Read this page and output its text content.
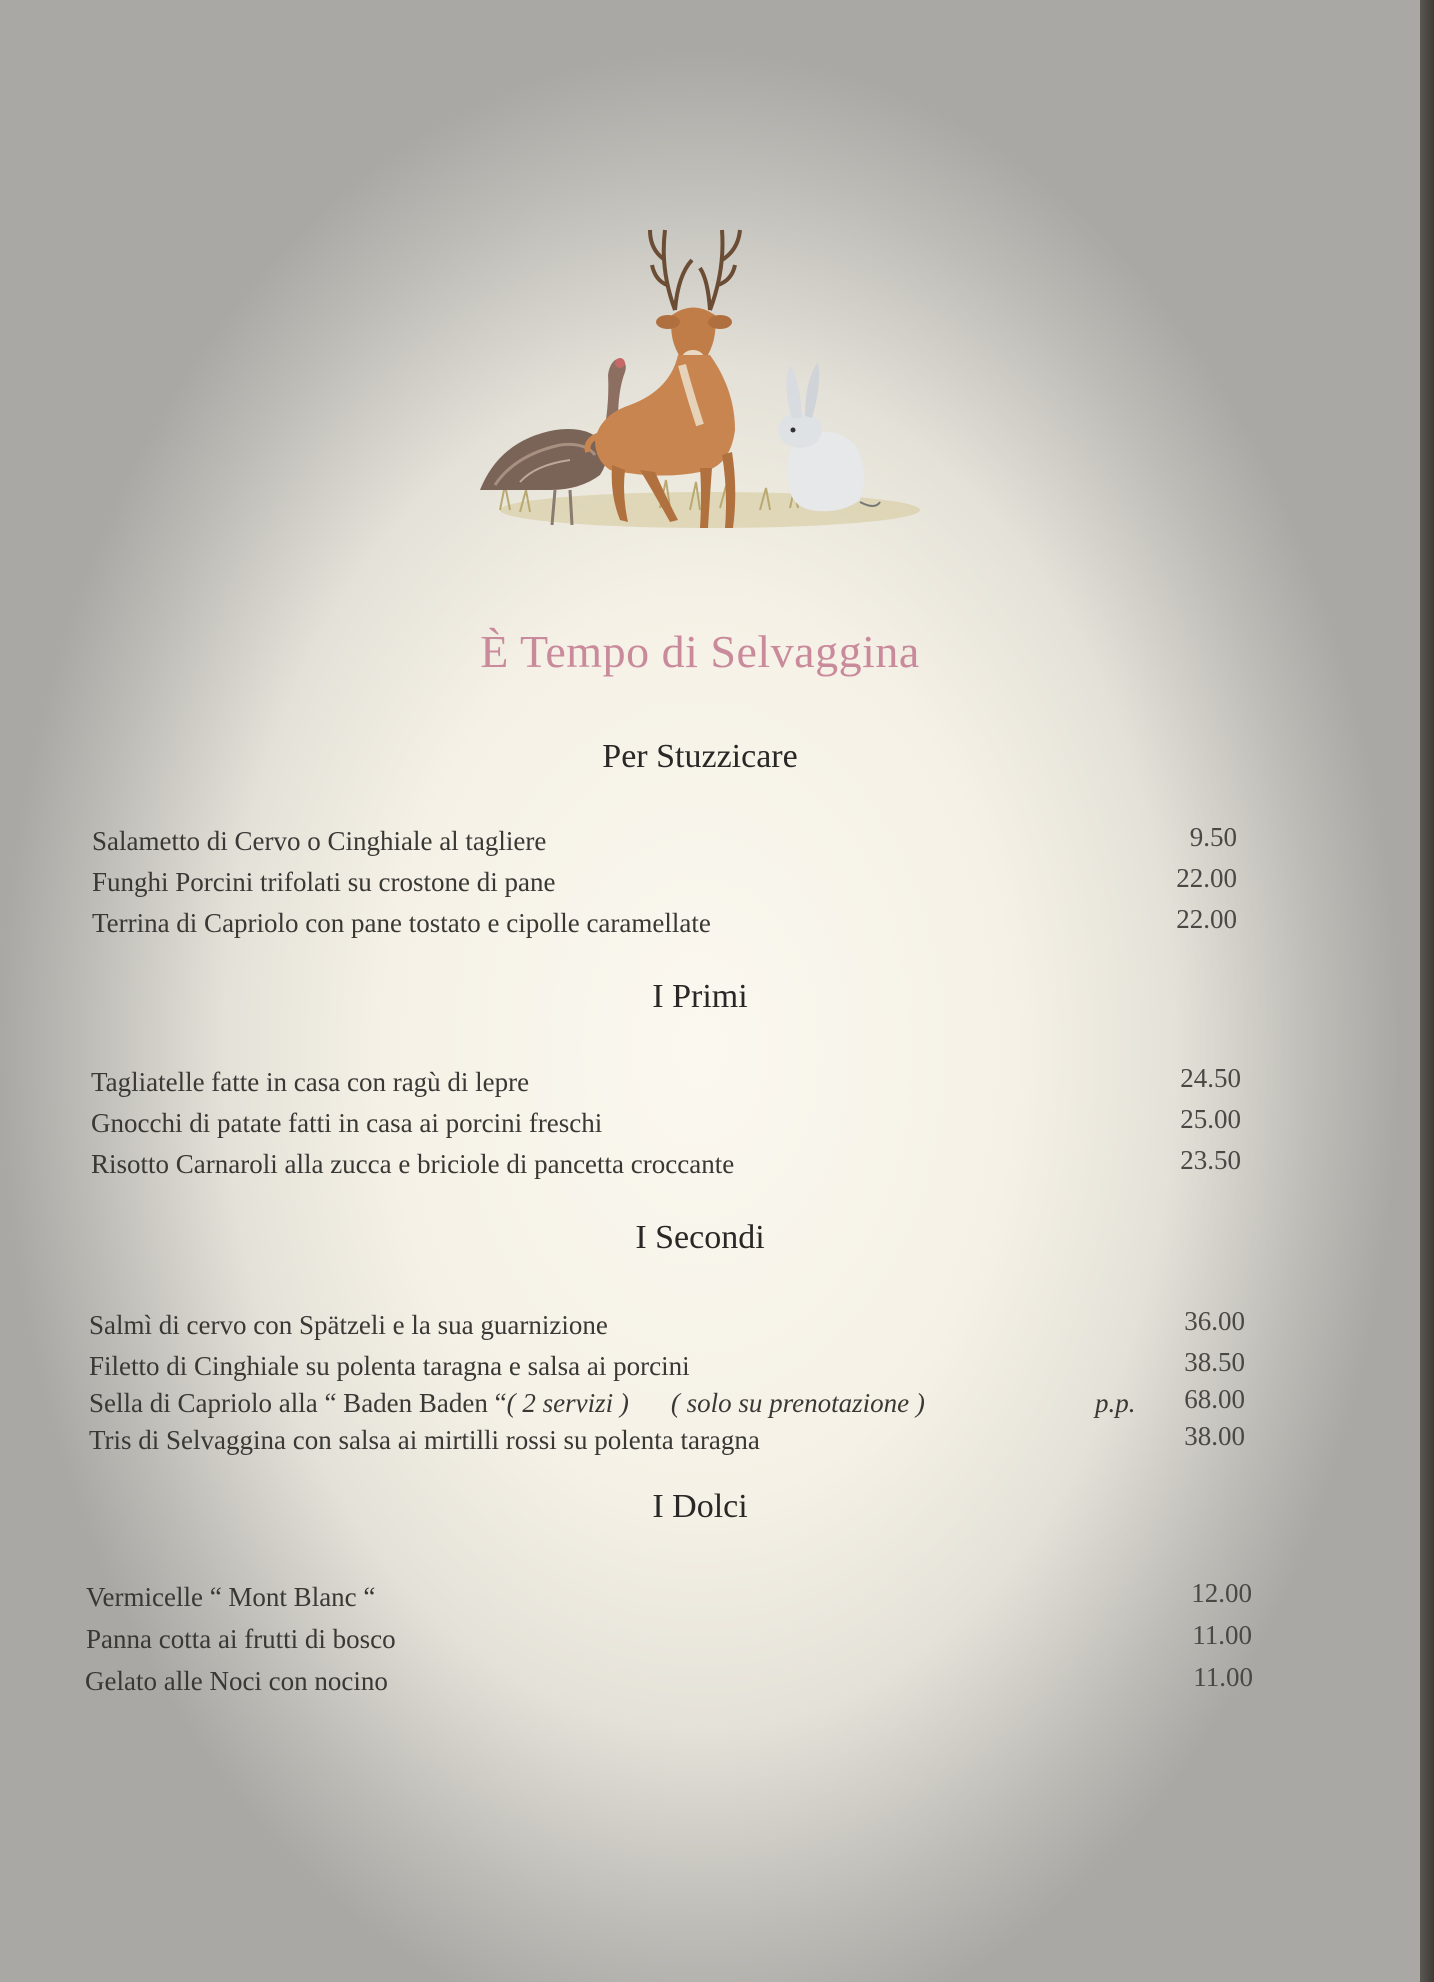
È Tempo di Selvaggina
Per Stuzzicare
Salametto di Cervo o Cinghiale al tagliere	9.50
Funghi Porcini trifolati su crostone di pane	22.00
Terrina di Capriolo con pane tostato e cipolle caramellate	22.00
I Primi
Tagliatelle fatte in casa con ragù di lepre	24.50
Gnocchi di patate fatti in casa ai porcini freschi	25.00
Risotto Carnaroli alla zucca e briciole di pancetta croccante	23.50
I Secondi
Salmì di cervo con Spätzeli e la sua guarnizione	36.00
Filetto di Cinghiale su polenta taragna e salsa ai porcini	38.50
Sella di Capriolo alla “ Baden Baden “( 2 servizi ) ( solo su prenotazione )	p.p. 68.00
Tris di Selvaggina con salsa ai mirtilli rossi su polenta taragna	38.00
I Dolci
Vermicelle “ Mont Blanc “	12.00
Panna cotta ai frutti di bosco	11.00
Gelato alle Noci con nocino	11.00
